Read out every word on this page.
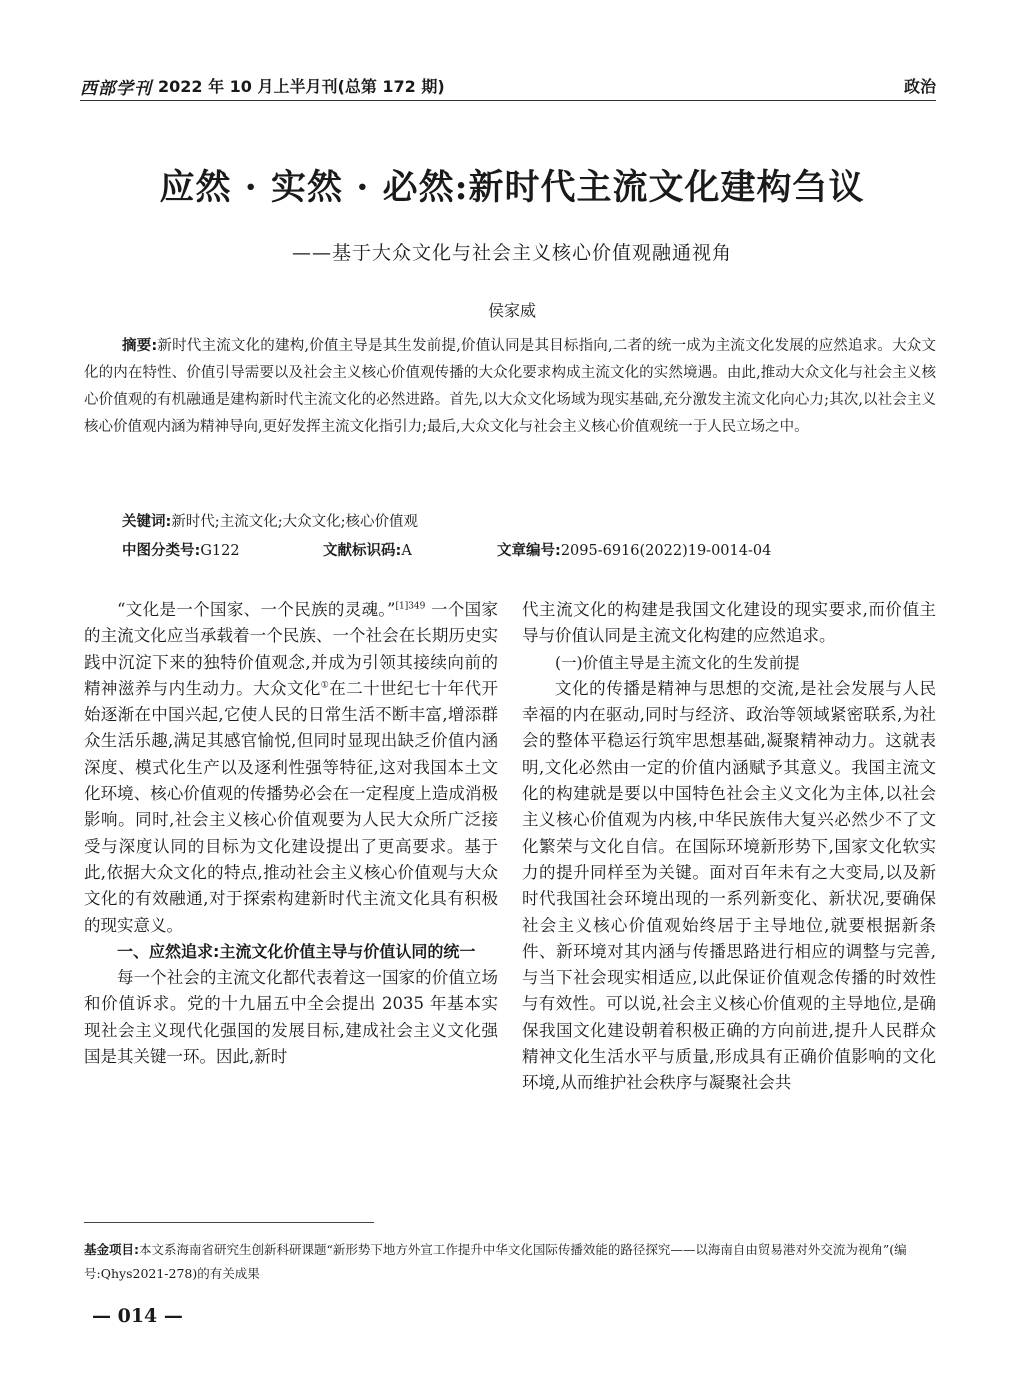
西部学刊 2022 年 10 月上半月刊(总第 172 期)	政治
应然 · 实然 · 必然:新时代主流文化建构刍议
——基于大众文化与社会主义核心价值观融通视角
侯家威

摘要:新时代主流文化的建构,价值主导是其生发前提,价值认同是其目标指向,二者的统一成为主流文化发展的应然追求。大众文化的内在特性、价值引导需要以及社会主义核心价值观传播的大众化要求构成主流文化的实然境遇。由此,推动大众文化与社会主义核心价值观的有机融通是建构新时代主流文化的必然进路。首先,以大众文化场域为现实基础,充分激发主流文化向心力;其次,以社会主义核心价值观内涵为精神导向,更好发挥主流文化指引力;最后,大众文化与社会主义核心价值观统一于人民立场之中。

关键词:新时代;主流文化;大众文化;核心价值观

中图分类号:G122	文献标识码:A	文章编号:2095-6916(2022)19-0014-04

“文化是一个国家、一个民族的灵魂。”$^{[1]349}$ 一个国家的主流文化应当承载着一个民族、一个社会在长期历史实践中沉淀下来的独特价值观念,并成为引领其接续向前的精神滋养与内生动力。大众文化①在二十世纪七十年代开始逐渐在中国兴起,它使人民的日常生活不断丰富,增添群众生活乐趣,满足其感官愉悦,但同时显现出缺乏价值内涵深度、模式化生产以及逐利性强等特征,这对我国本土文化环境、核心价值观的传播势必会在一定程度上造成消极影响。同时,社会主义核心价值观要为人民大众所广泛接受与深度认同的目标为文化建设提出了更高要求。基于此,依据大众文化的特点,推动社会主义核心价值观与大众文化的有效融通,对于探索构建新时代主流文化具有积极的现实意义。

一、应然追求:主流文化价值主导与价值认同的统一

每一个社会的主流文化都代表着这一国家的价值立场和价值诉求。党的十九届五中全会提出 2035 年基本实现社会主义现代化强国的发展目标,建成社会主义文化强国是其关键一环。因此,新时

代主流文化的构建是我国文化建设的现实要求,而价值主导与价值认同是主流文化构建的应然追求。

(一)价值主导是主流文化的生发前提

文化的传播是精神与思想的交流,是社会发展与人民幸福的内在驱动,同时与经济、政治等领域紧密联系,为社会的整体平稳运行筑牢思想基础,凝聚精神动力。这就表明,文化必然由一定的价值内涵赋予其意义。我国主流文化的构建就是要以中国特色社会主义文化为主体,以社会主义核心价值观为内核,中华民族伟大复兴必然少不了文化繁荣与文化自信。在国际环境新形势下,国家文化软实力的提升同样至为关键。面对百年未有之大变局,以及新时代我国社会环境出现的一系列新变化、新状况,要确保社会主义核心价值观始终居于主导地位,就要根据新条件、新环境对其内涵与传播思路进行相应的调整与完善,与当下社会现实相适应,以此保证价值观念传播的时效性与有效性。可以说,社会主义核心价值观的主导地位,是确保我国文化建设朝着积极正确的方向前进,提升人民群众精神文化生活水平与质量,形成具有正确价值影响的文化环境,从而维护社会秩序与凝聚社会共

基金项目:本文系海南省研究生创新科研课题“新形势下地方外宣工作提升中华文化国际传播效能的路径探究——以海南自由贸易港对外交流为视角”(编号:Qhys2021-278)的有关成果

— 014 —
